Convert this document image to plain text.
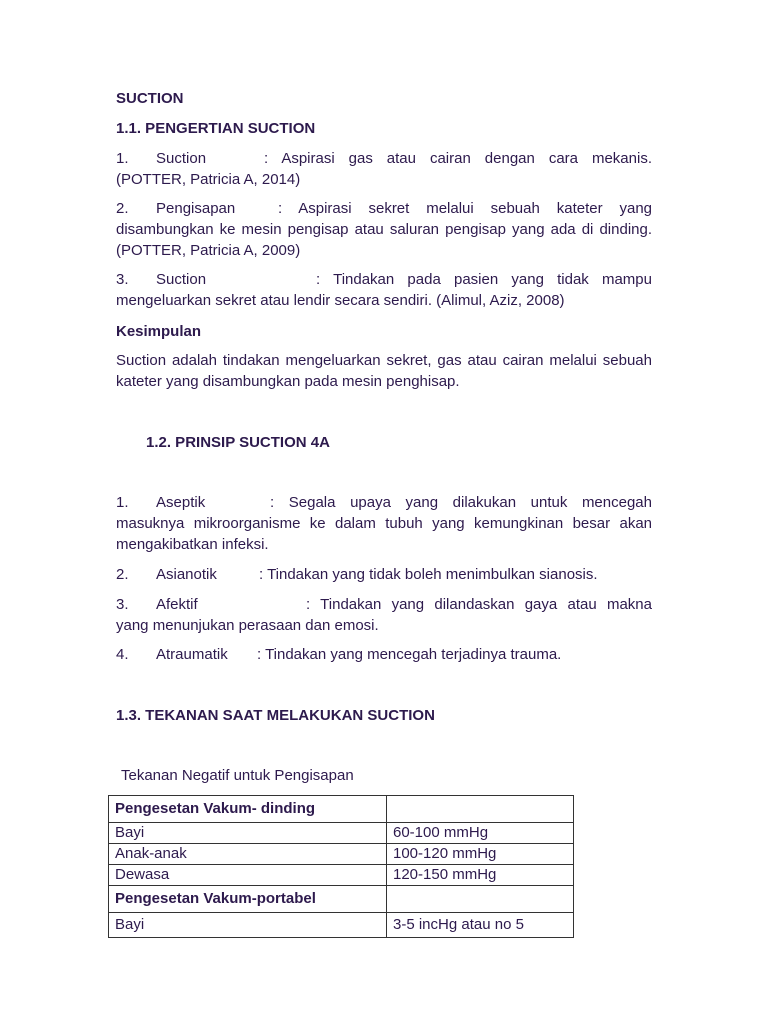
SUCTION
1.1. PENGERTIAN SUCTION
1.	Suction	: Aspirasi gas atau cairan dengan cara mekanis.
(POTTER, Patricia A, 2014)
2.	Pengisapan	: Aspirasi sekret melalui sebuah kateter yang
disambungkan ke mesin pengisap atau saluran pengisap yang ada di dinding.
(POTTER, Patricia A, 2009)
3.	Suction	: Tindakan pada pasien yang tidak mampu
mengeluarkan sekret atau lendir secara sendiri. (Alimul, Aziz, 2008)
Kesimpulan
Suction adalah tindakan mengeluarkan sekret, gas atau cairan melalui sebuah
kateter yang disambungkan pada mesin penghisap.
1.2. PRINSIP SUCTION 4A
1.	Aseptik	: Segala upaya yang dilakukan untuk mencegah
masuknya mikroorganisme ke dalam tubuh yang kemungkinan besar akan
mengakibatkan infeksi.
2.	Asianotik	: Tindakan yang tidak boleh menimbulkan sianosis.
3.	Afektif	: Tindakan yang dilandaskan gaya atau makna
yang menunjukan perasaan dan emosi.
4.	Atraumatik	: Tindakan yang mencegah terjadinya trauma.
1.3. TEKANAN SAAT MELAKUKAN SUCTION
Tekanan Negatif untuk Pengisapan
Pengesetan Vakum- dinding	
Bayi	60-100 mmHg
Anak-anak	100-120 mmHg
Dewasa	120-150 mmHg
Pengesetan Vakum-portabel	
Bayi	3-5 incHg atau no 5
